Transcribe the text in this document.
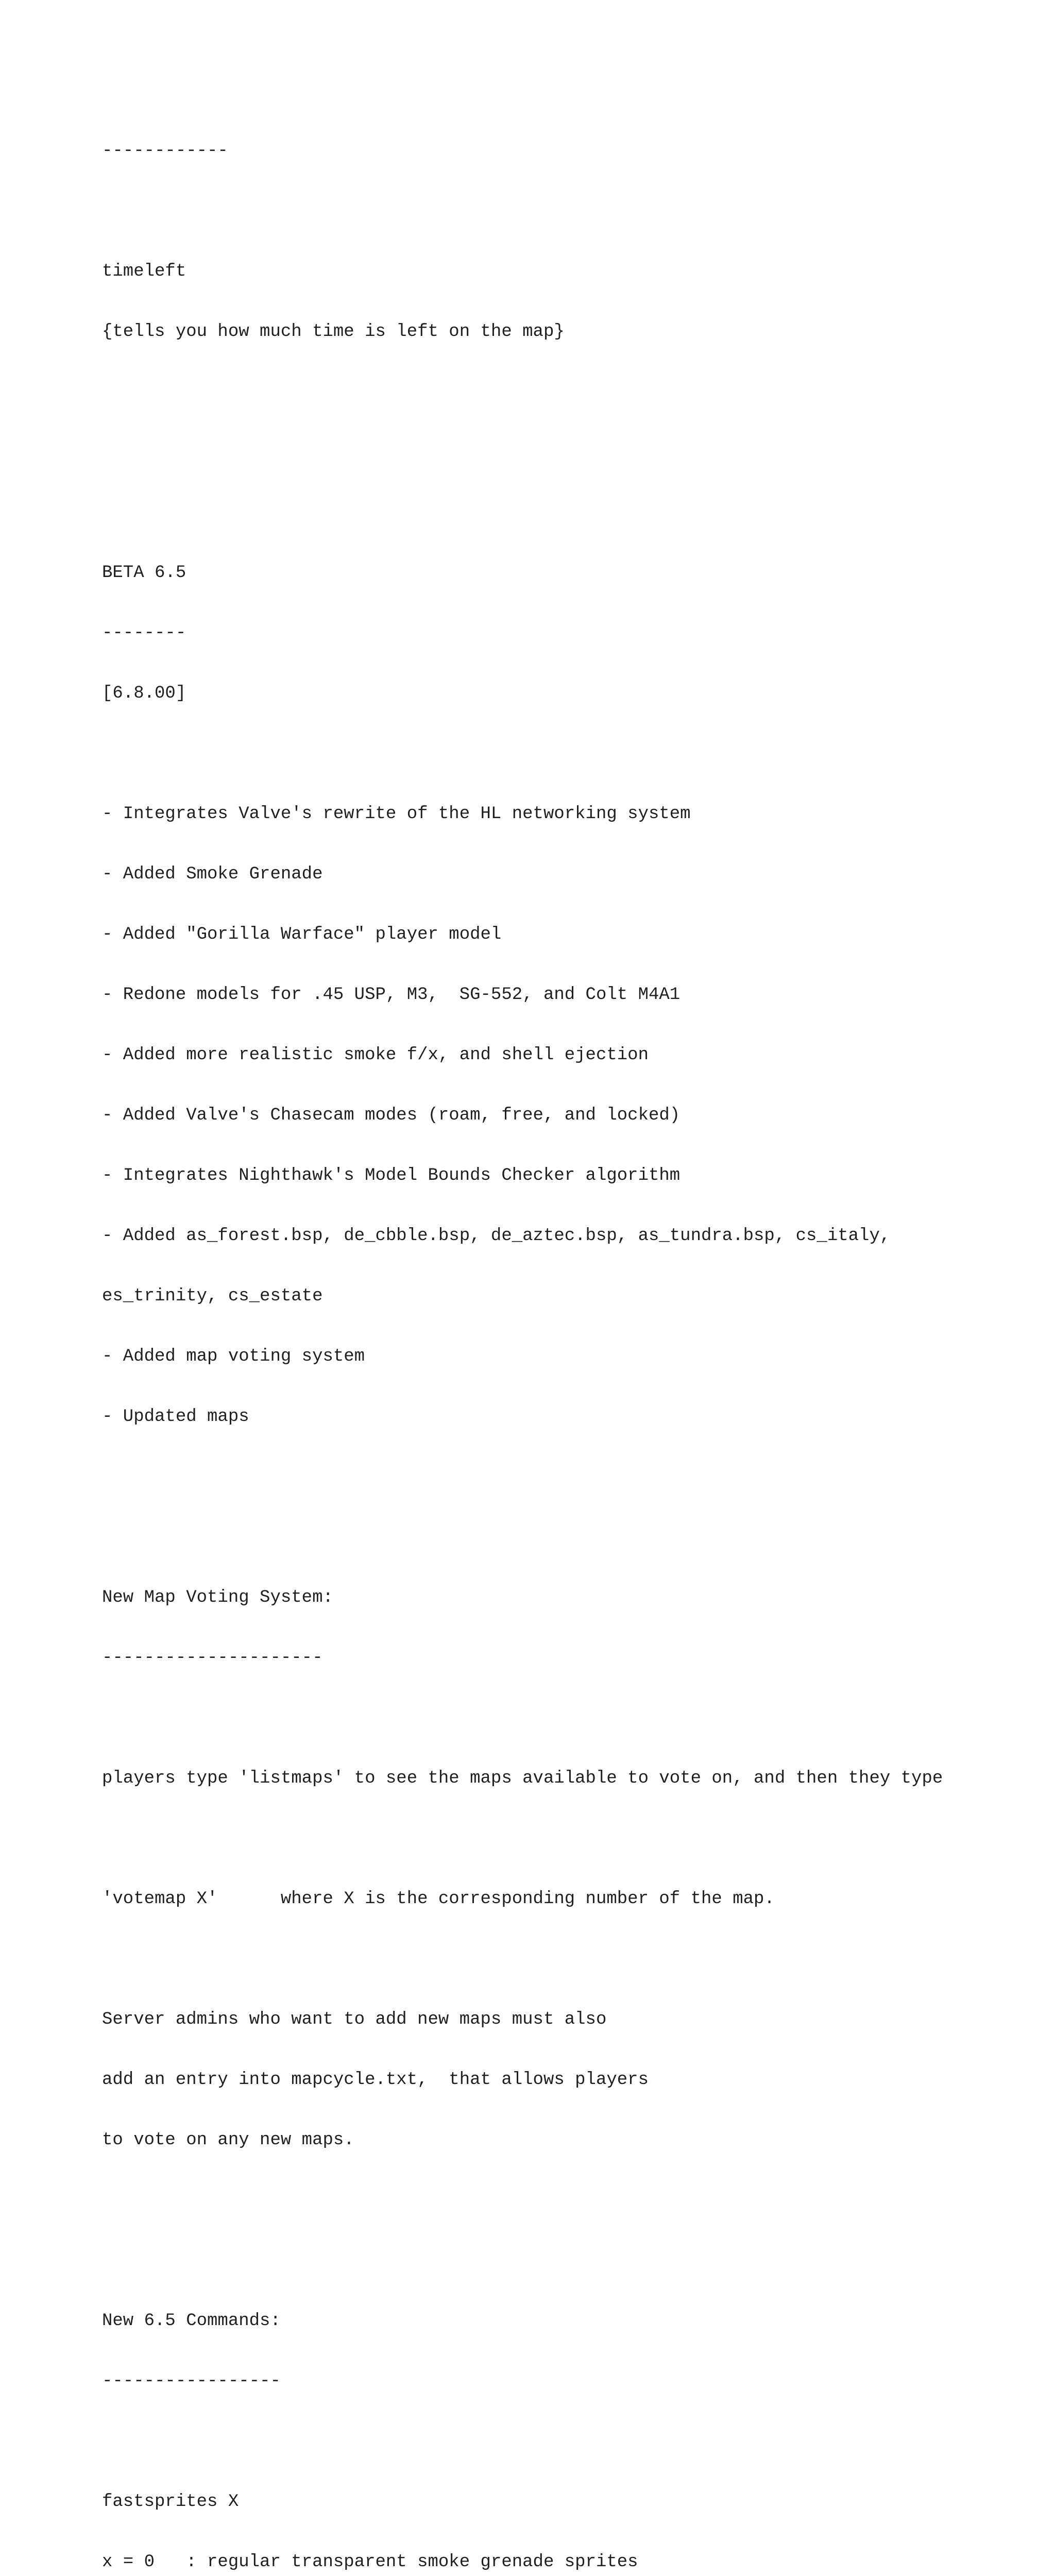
------------

timeleft

{tells you how much time is left on the map}

BETA 6.5

--------

[6.8.00]

- Integrates Valve's rewrite of the HL networking system

- Added Smoke Grenade

- Added "Gorilla Warface" player model

- Redone models for .45 USP, M3,  SG-552, and Colt M4A1

- Added more realistic smoke f/x, and shell ejection

- Added Valve's Chasecam modes (roam, free, and locked)

- Integrates Nighthawk's Model Bounds Checker algorithm

- Added as_forest.bsp, de_cbble.bsp, de_aztec.bsp, as_tundra.bsp, cs_italy,

es_trinity, cs_estate

- Added map voting system

- Updated maps

New Map Voting System:

---------------------

players type 'listmaps' to see the maps available to vote on, and then they type

'votemap X'      where X is the corresponding number of the map.

Server admins who want to add new maps must also

add an entry into mapcycle.txt,  that allows players

to vote on any new maps.

New 6.5 Commands:

-----------------

fastsprites X

x = 0   : regular transparent smoke grenade sprites
